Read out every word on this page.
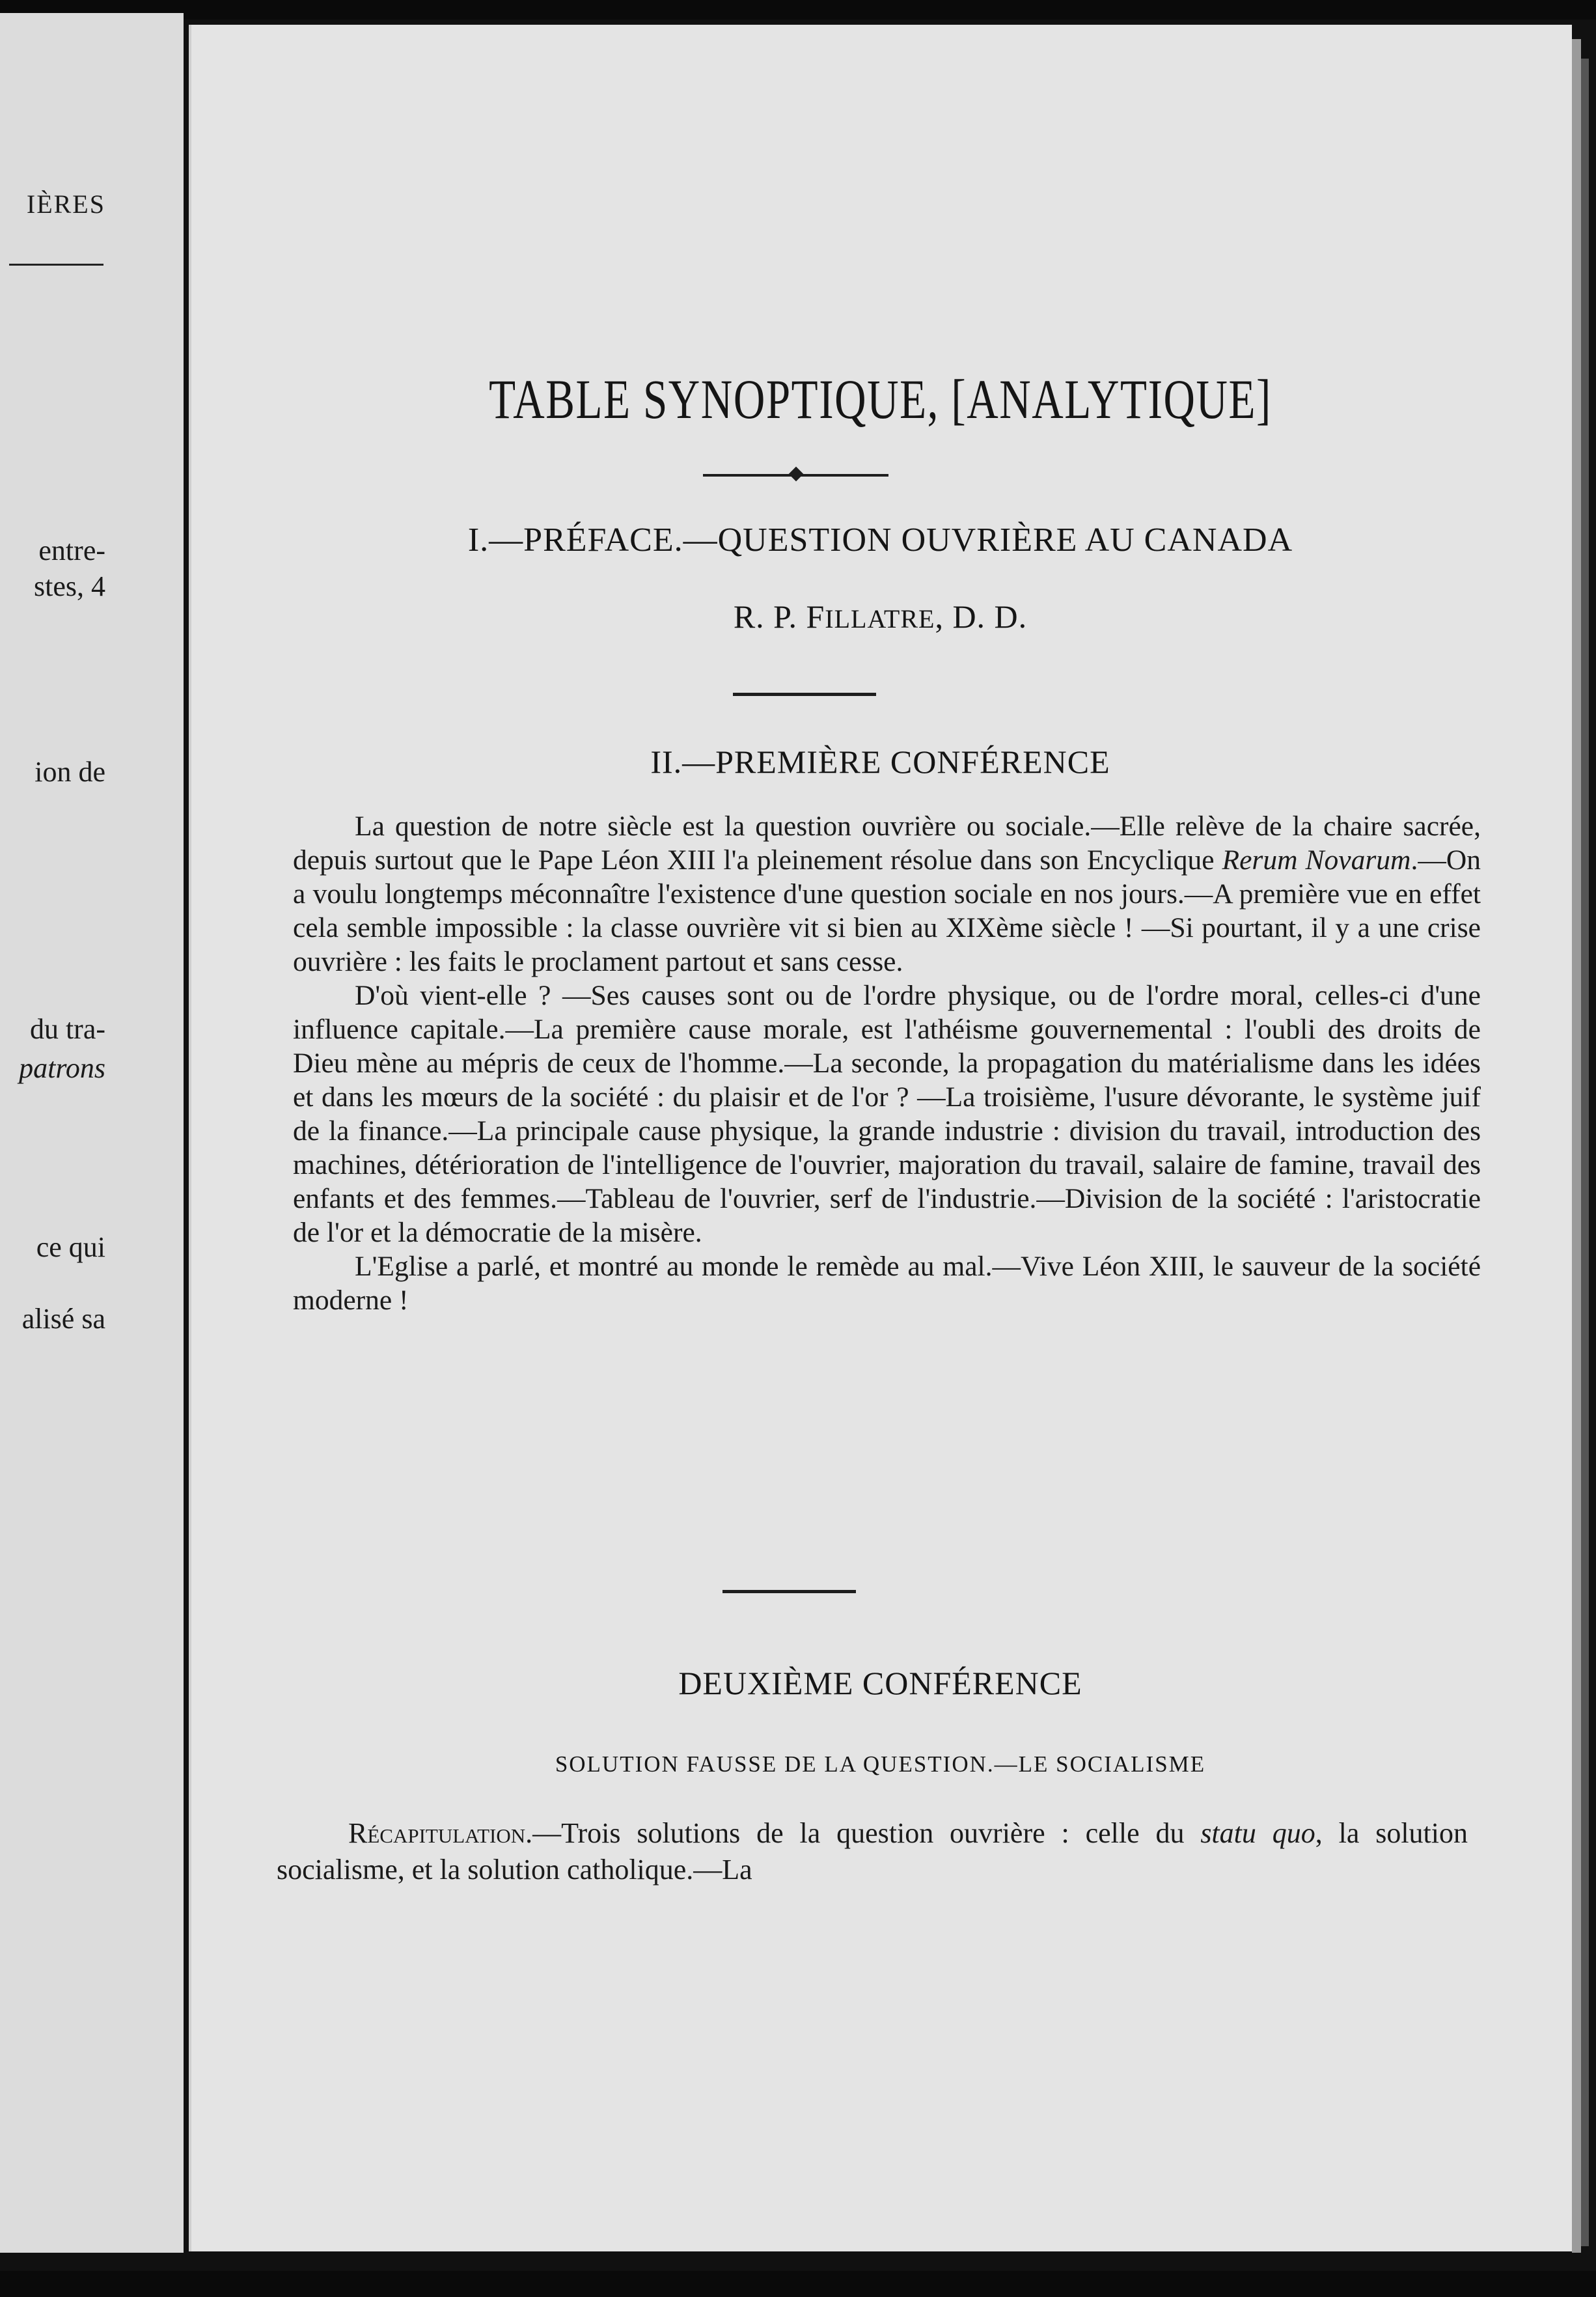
IÈRES
entre-
stes, 4
ion de
du tra-
patrons
ce qui
alisé sa
TABLE SYNOPTIQUE, [ANALYTIQUE]
I.—PRÉFACE.—QUESTION OUVRIÈRE AU CANADA
R. P. FILLATRE, D. D.
II.—PREMIÈRE CONFÉRENCE

La question de notre siècle est la question ouvrière ou sociale.—Elle relève de la chaire sacrée, depuis surtout que le Pape Léon XIII l'a pleinement résolue dans son Encyclique Rerum Novarum.—On a voulu longtemps méconnaître l'existence d'une question sociale en nos jours.—A première vue en effet cela semble impossible : la classe ouvrière vit si bien au XIXème siècle ! —Si pourtant, il y a une crise ouvrière : les faits le proclament partout et sans cesse.

D'où vient-elle ? —Ses causes sont ou de l'ordre physique, ou de l'ordre moral, celles-ci d'une influence capitale.—La première cause morale, est l'athéisme gouvernemental : l'oubli des droits de Dieu mène au mépris de ceux de l'homme.—La seconde, la propagation du matérialisme dans les idées et dans les mœurs de la société : du plaisir et de l'or ? —La troisième, l'usure dévorante, le système juif de la finance.—La principale cause physique, la grande industrie : division du travail, introduction des machines, détérioration de l'intelligence de l'ouvrier, majoration du travail, salaire de famine, travail des enfants et des femmes.—Tableau de l'ouvrier, serf de l'industrie.—Division de la société : l'aristocratie de l'or et la démocratie de la misère.

L'Eglise a parlé, et montré au monde le remède au mal.—Vive Léon XIII, le sauveur de la société moderne !

DEUXIÈME CONFÉRENCE
SOLUTION FAUSSE DE LA QUESTION.—LE SOCIALISME

Récapitulation.—Trois solutions de la question ouvrière : celle du statu quo, la solution socialisme, et la solution catholique.—La
